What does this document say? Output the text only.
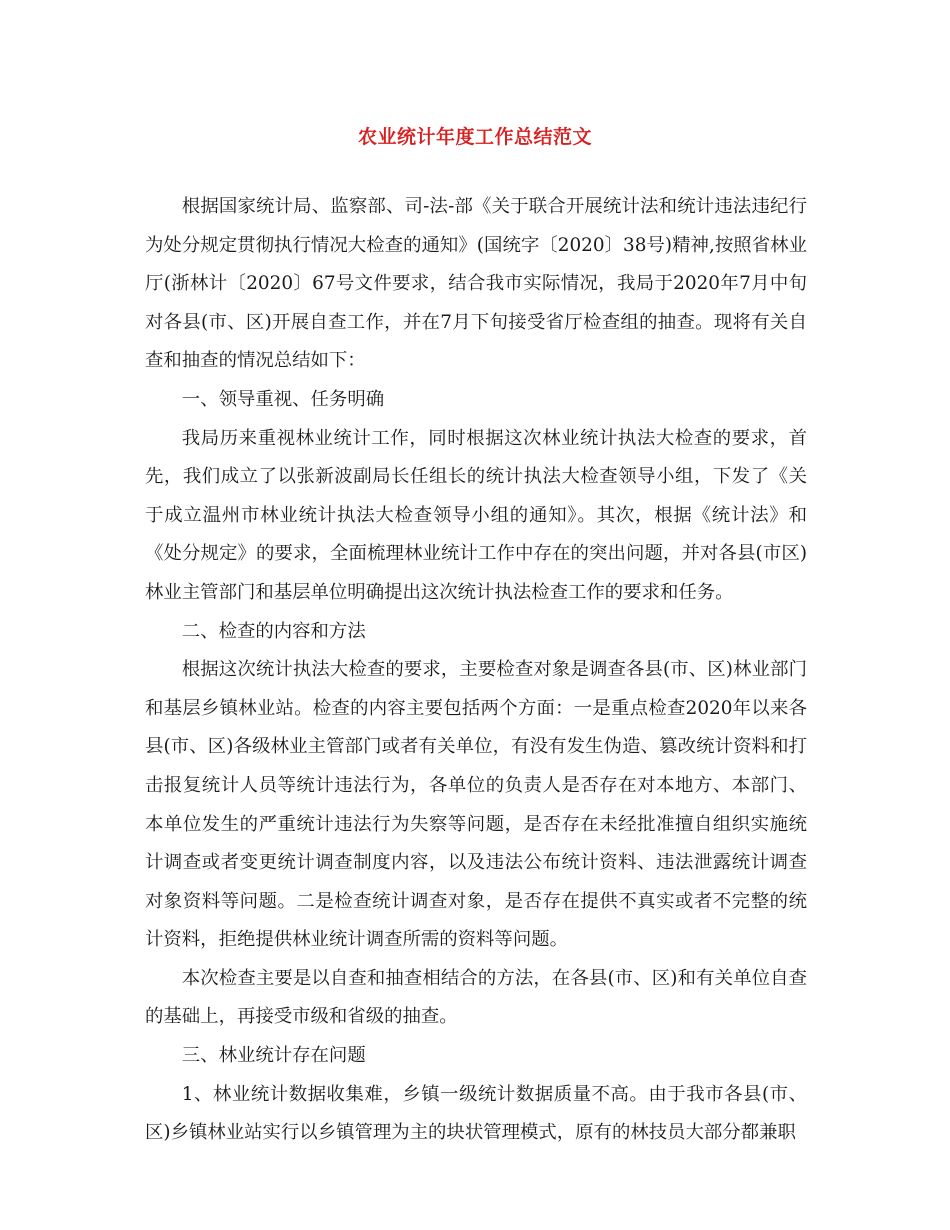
农业统计年度工作总结范文

根据国家统计局、监察部、司-法-部《关于联合开展统计法和统计违法违纪行为处分规定贯彻执行情况大检查的通知》(国统字〔2020〕38号)精神,按照省林业厅(浙林计〔2020〕67号文件要求，结合我市实际情况，我局于2020年7月中旬对各县(市、区)开展自查工作，并在7月下旬接受省厅检查组的抽查。现将有关自查和抽查的情况总结如下：

一、领导重视、任务明确

我局历来重视林业统计工作，同时根据这次林业统计执法大检查的要求，首先，我们成立了以张新波副局长任组长的统计执法大检查领导小组，下发了《关于成立温州市林业统计执法大检查领导小组的通知》。其次，根据《统计法》和《处分规定》的要求，全面梳理林业统计工作中存在的突出问题，并对各县(市区)林业主管部门和基层单位明确提出这次统计执法检查工作的要求和任务。

二、检查的内容和方法

根据这次统计执法大检查的要求，主要检查对象是调查各县(市、区)林业部门和基层乡镇林业站。检查的内容主要包括两个方面：一是重点检查2020年以来各县(市、区)各级林业主管部门或者有关单位，有没有发生伪造、篡改统计资料和打击报复统计人员等统计违法行为，各单位的负责人是否存在对本地方、本部门、本单位发生的严重统计违法行为失察等问题，是否存在未经批准擅自组织实施统计调查或者变更统计调查制度内容，以及违法公布统计资料、违法泄露统计调查对象资料等问题。二是检查统计调查对象，是否存在提供不真实或者不完整的统计资料，拒绝提供林业统计调查所需的资料等问题。

本次检查主要是以自查和抽查相结合的方法，在各县(市、区)和有关单位自查的基础上，再接受市级和省级的抽查。

三、林业统计存在问题

1、林业统计数据收集难，乡镇一级统计数据质量不高。由于我市各县(市、区)乡镇林业站实行以乡镇管理为主的块状管理模式，原有的林技员大部分都兼职
